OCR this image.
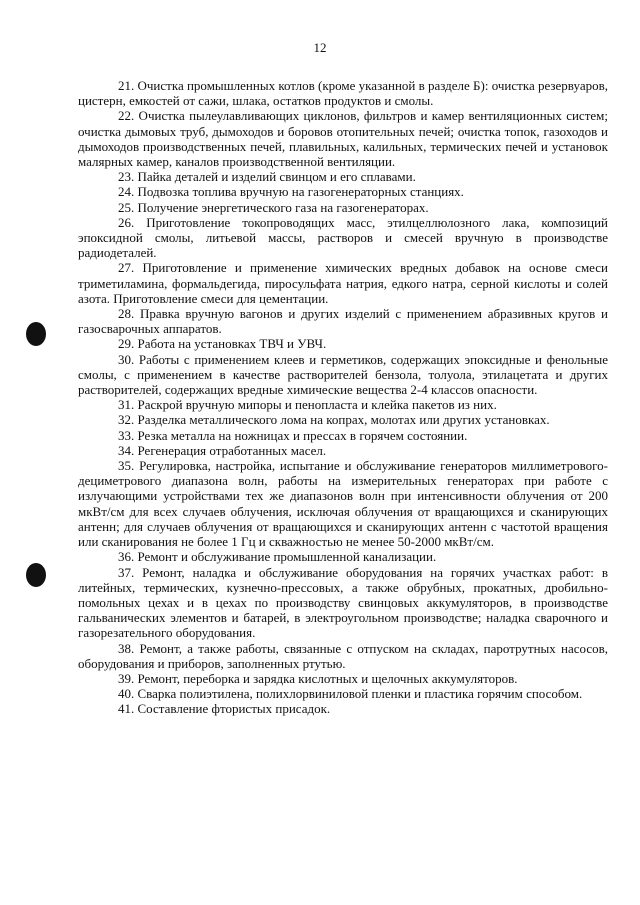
12

21. Очистка промышленных котлов (кроме указанной в разделе Б): очистка резервуаров, цистерн, емкостей от сажи, шлака, остатков продуктов и смолы.

22. Очистка пылеулавливающих циклонов, фильтров и камер вентиляционных систем; очистка дымовых труб, дымоходов и боровов отопительных печей; очистка топок, газоходов и дымоходов производственных печей, плавильных, калильных, термических печей и установок малярных камер, каналов производственной вентиляции.

23. Пайка деталей и изделий свинцом и его сплавами.

24. Подвозка топлива вручную на газогенераторных станциях.

25. Получение энергетического газа на газогенераторах.

26. Приготовление токопроводящих масс, этилцеллюлозного лака, композиций эпоксидной смолы, литьевой массы, растворов и смесей вручную в производстве радиодеталей.

27. Приготовление и применение химических вредных добавок на основе смеси триметиламина, формальдегида, пиросульфата натрия, едкого натра, серной кислоты и солей азота. Приготовление смеси для цементации.

28. Правка вручную вагонов и других изделий с применением абразивных кругов и газосварочных аппаратов.

29. Работа на установках ТВЧ и УВЧ.

30. Работы с применением клеев и герметиков, содержащих эпоксидные и фенольные смолы, с применением в качестве растворителей бензола, толуола, этилацетата и других растворителей, содержащих вредные химические вещества 2-4 классов опасности.

31. Раскрой вручную мипоры и пенопласта и клейка пакетов из них.

32. Разделка металлического лома на копрах, молотах или других установках.

33. Резка металла на ножницах и прессах в горячем состоянии.

34. Регенерация отработанных масел.

35. Регулировка, настройка, испытание и обслуживание генераторов миллиметрового-дециметрового диапазона волн, работы на измерительных генераторах при работе с излучающими устройствами тех же диапазонов волн при интенсивности облучения от 200 мкВт/см для всех случаев облучения, исключая облучения от вращающихся и сканирующих антенн; для случаев облучения от вращающихся и сканирующих антенн с частотой вращения или сканирования не более 1 Гц и скважностью не менее 50-2000 мкВт/см.

36. Ремонт и обслуживание промышленной канализации.

37. Ремонт, наладка и обслуживание оборудования на горячих участках работ: в литейных, термических, кузнечно-прессовых, а также обрубных, прокатных, дробильно-помольных цехах и в цехах по производству свинцовых аккумуляторов, в производстве гальванических элементов и батарей, в электроугольном производстве; наладка сварочного и газорезательного оборудования.

38. Ремонт, а также работы, связанные с отпуском на складах, паротрутных насосов, оборудования и приборов, заполненных ртутью.

39. Ремонт, переборка и зарядка кислотных и щелочных аккумуляторов.

40. Сварка полиэтилена, полихлорвиниловой пленки и пластика горячим способом.

41. Составление фтористых присадок.
